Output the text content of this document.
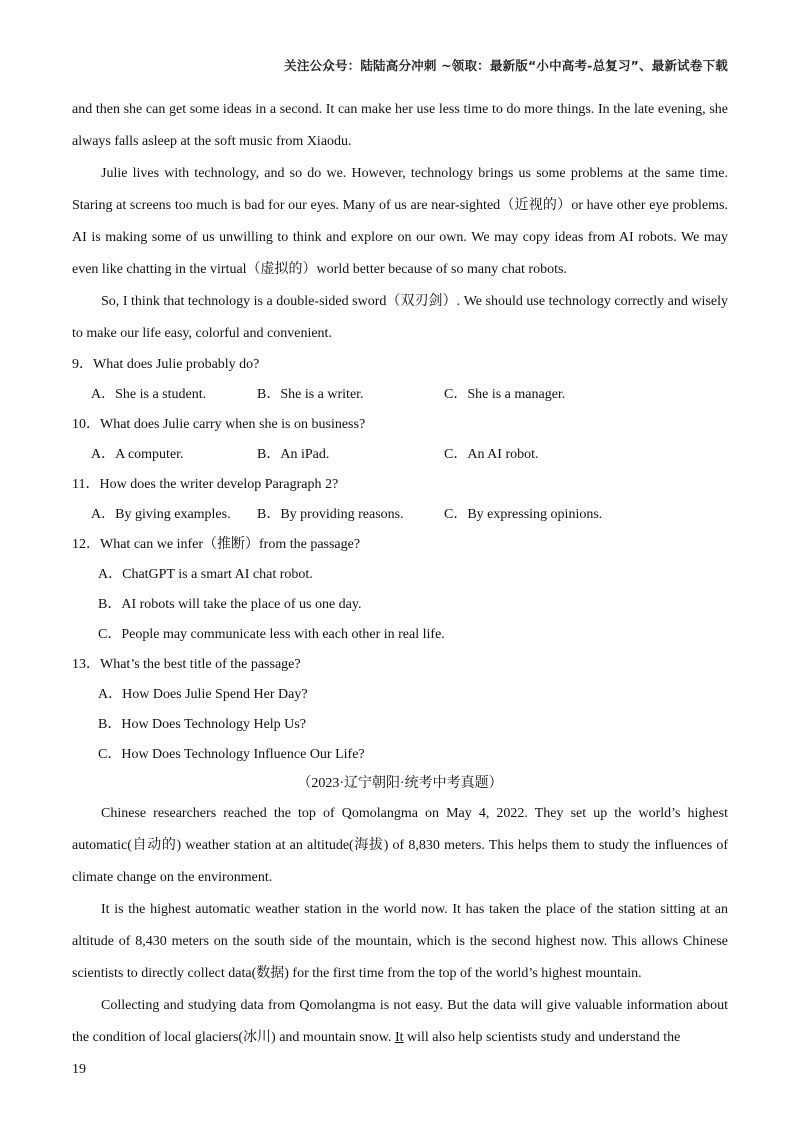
关注公众号：陆陆高分冲刺 ~领取：最新版“小中高考-总复习”、最新试卷下载

and then she can get some ideas in a second. It can make her use less time to do more things. In the late evening, she always falls asleep at the soft music from Xiaodu.

Julie lives with technology, and so do we. However, technology brings us some problems at the same time. Staring at screens too much is bad for our eyes. Many of us are near-sighted（近视的）or have other eye problems. AI is making some of us unwilling to think and explore on our own. We may copy ideas from AI robots. We may even like chatting in the virtual（虚拟的）world better because of so many chat robots.

So, I think that technology is a double-sided sword（双刃剑）. We should use technology correctly and wisely to make our life easy, colorful and convenient.

9．What does Julie probably do?

A．She is a student.	B．She is a writer.	C．She is a manager.

10．What does Julie carry when she is on business?

A．A computer.	B．An iPad.	C．An AI robot.

11．How does the writer develop Paragraph 2?

A．By giving examples.	B．By providing reasons.	C．By expressing opinions.

12．What can we infer（推断）from the passage?

A．ChatGPT is a smart AI chat robot.

B．AI robots will take the place of us one day.

C．People may communicate less with each other in real life.

13．What’s the best title of the passage?

A．How Does Julie Spend Her Day?

B．How Does Technology Help Us?

C．How Does Technology Influence Our Life?

（2023·辽宁朝阳·统考中考真题）

Chinese researchers reached the top of Qomolangma on May 4, 2022. They set up the world’s highest automatic(自动的) weather station at an altitude(海拔) of 8,830 meters. This helps them to study the influences of climate change on the environment.

It is the highest automatic weather station in the world now. It has taken the place of the station sitting at an altitude of 8,430 meters on the south side of the mountain, which is the second highest now. This allows Chinese scientists to directly collect data(数据) for the first time from the top of the world’s highest mountain.

Collecting and studying data from Qomolangma is not easy. But the data will give valuable information about the condition of local glaciers(冰川) and mountain snow. It will also help scientists study and understand the

19
